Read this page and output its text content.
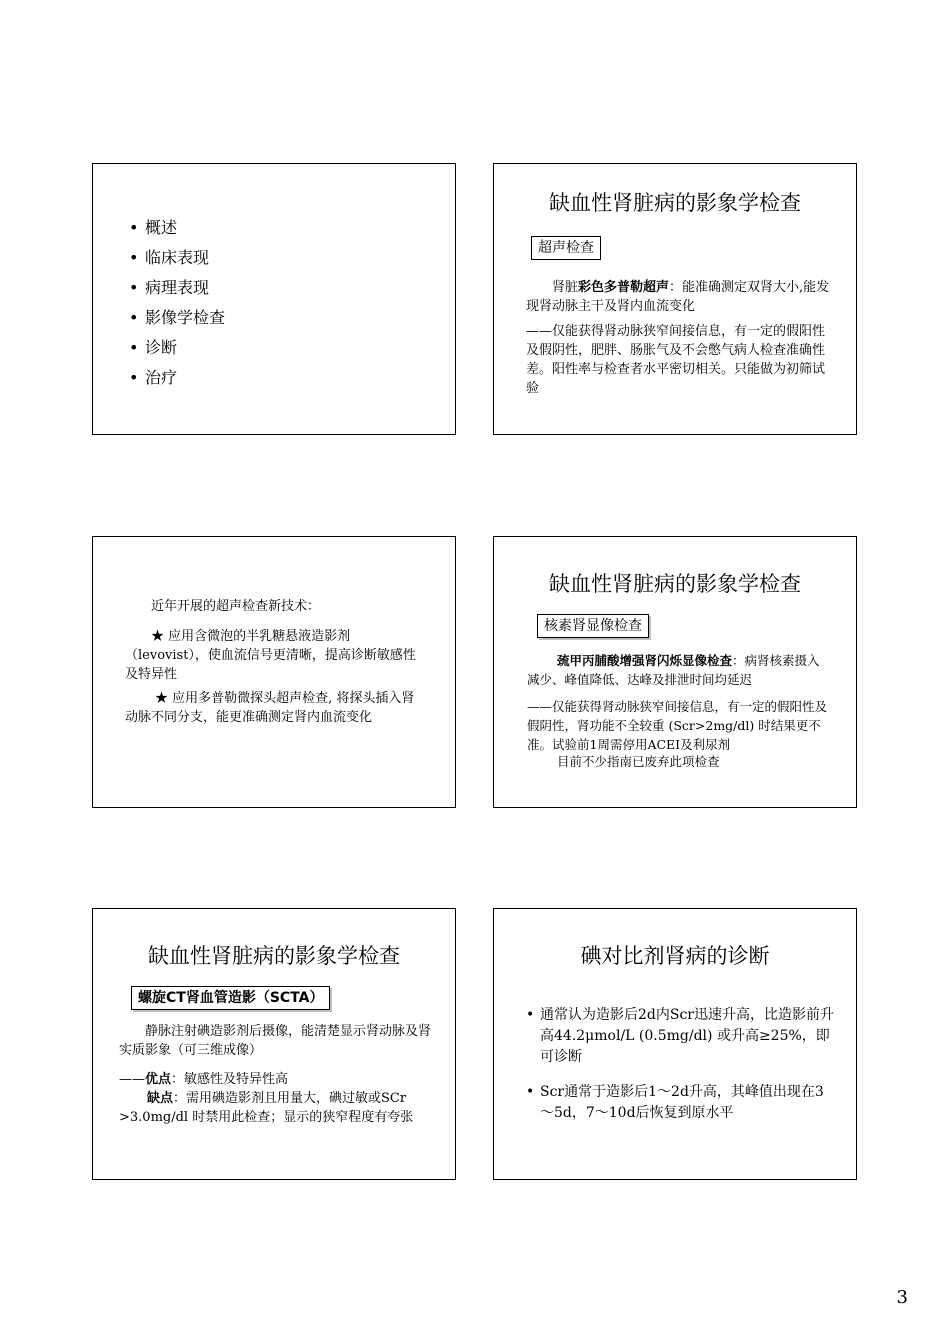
• 概述
• 临床表现
• 病理表现
• 影像学检查
• 诊断
• 治疗
缺血性肾脏病的影象学检查
超声检查

肾脏彩色多普勒超声：能准确测定双肾大小,能发现肾动脉主干及肾内血流变化

——仅能获得肾动脉狭窄间接信息，有一定的假阳性及假阴性，肥胖、肠胀气及不会憋气病人检查准确性差。阳性率与检查者水平密切相关。只能做为初筛试验

近年开展的超声检查新技术：

★ 应用含微泡的半乳糖悬液造影剂（levovist），使血流信号更清晰，提高诊断敏感性及特异性

★ 应用多普勒微探头超声检查, 将探头插入肾动脉不同分支，能更准确测定肾内血流变化

缺血性肾脏病的影象学检查
核素肾显像检查

巯甲丙脯酸增强肾闪烁显像检查：病肾核素摄入减少、峰值降低、达峰及排泄时间均延迟

——仅能获得肾动脉狭窄间接信息，有一定的假阳性及假阴性，肾功能不全较重 (Scr>2mg/dl) 时结果更不准。试验前1周需停用ACEI及利尿剂

目前不少指南已废弃此项检查

缺血性肾脏病的影象学检查
螺旋CT肾血管造影（SCTA）

静脉注射碘造影剂后摄像，能清楚显示肾动脉及肾实质影象（可三维成像）

——优点：敏感性及特异性高

缺点：需用碘造影剂且用量大，碘过敏或SCr >3.0mg/dl 时禁用此检查；显示的狭窄程度有夸张

碘对比剂肾病的诊断
• 通常认为造影后2d内Scr迅速升高，比造影前升高44.2μmol/L (0.5mg/dl) 或升高≥25%，即可诊断
• Scr通常于造影后1～2d升高，其峰值出现在3～5d，7～10d后恢复到原水平
3
